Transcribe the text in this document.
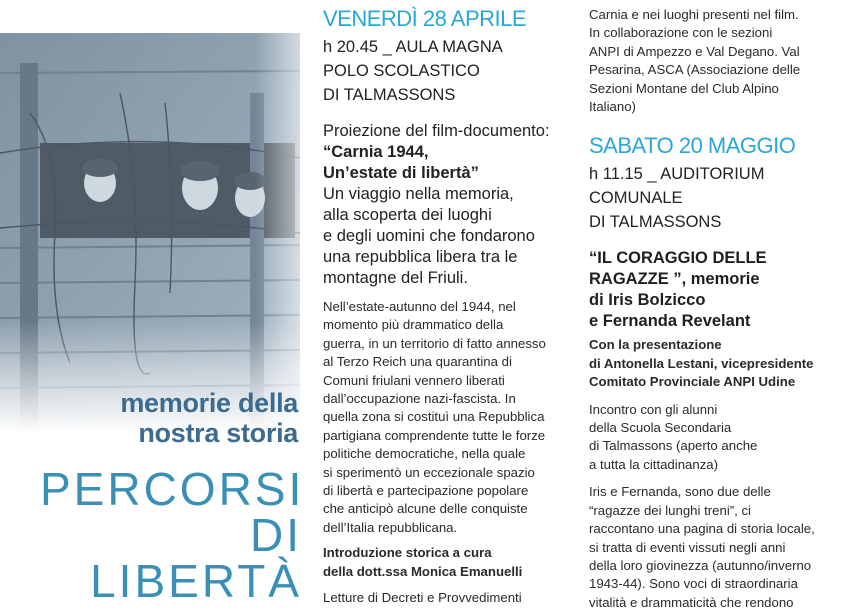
memorie della
nostra storia
PERCORSI
DI LIBERTÀ
VENERDÌ 28 APRILE
h 20.45 _ AULA MAGNA
POLO SCOLASTICO
DI TALMASSONS
Proiezione del film-documento:
“Carnia 1944,
Un’estate di libertà”
Un viaggio nella memoria,
alla scoperta dei luoghi
e degli uomini che fondarono
una repubblica libera tra le
montagne del Friuli.
Nell’estate-autunno del 1944, nel
momento più drammatico della
guerra, in un territorio di fatto annesso
al Terzo Reich una quarantina di
Comuni friulani vennero liberati
dall’occupazione nazi-fascista. In
quella zona si costituì una Repubblica
partigiana comprendente tutte le forze
politiche democratiche, nella quale
si sperimentò un eccezionale spazio
di libertà e partecipazione popolare
che anticipò alcune delle conquiste
dell’Italia repubblicana.
Introduzione storica a cura
della dott.ssa Monica Emanuelli
Letture di Decreti e Provvedimenti
Carnia e nei luoghi presenti nel film.
In collaborazione con le sezioni
ANPI di Ampezzo e Val Degano. Val
Pesarina, ASCA (Associazione delle
Sezioni Montane del Club Alpino
Italiano)
SABATO 20 MAGGIO
h 11.15 _ AUDITORIUM
COMUNALE
DI TALMASSONS
“IL CORAGGIO DELLE
RAGAZZE ”, memorie
di Iris Bolzicco
e Fernanda Revelant
Con la presentazione
di Antonella Lestani, vicepresidente
Comitato Provinciale ANPI Udine
Incontro con gli alunni
della Scuola Secondaria
di Talmassons (aperto anche
a tutta la cittadinanza)
Iris e Fernanda, sono due delle
“ragazze dei lunghi treni”, ci
raccontano una pagina di storia locale,
si tratta di eventi vissuti negli anni
della loro giovinezza (autunno/inverno
1943-44). Sono voci di straordinaria
vitalità e drammaticità che rendono
